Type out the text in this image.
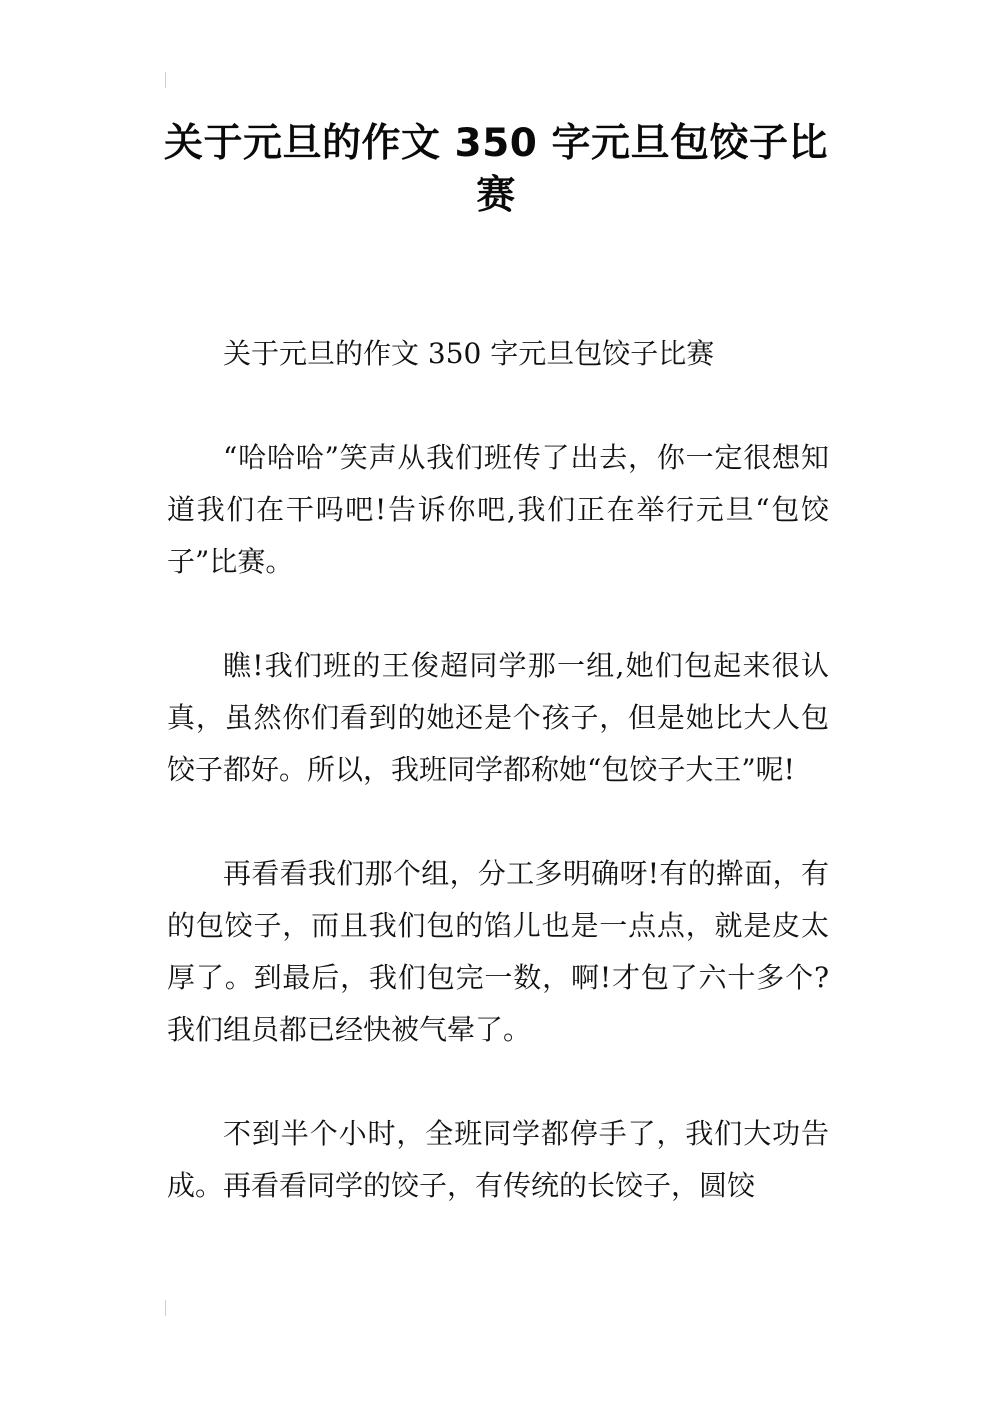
关于元旦的作文 350 字元旦包饺子比赛

关于元旦的作文 350 字元旦包饺子比赛

“哈哈哈”笑声从我们班传了出去，你一定很想知道我们在干吗吧!告诉你吧,我们正在举行元旦“包饺子”比赛。

瞧!我们班的王俊超同学那一组,她们包起来很认真，虽然你们看到的她还是个孩子，但是她比大人包饺子都好。所以，我班同学都称她“包饺子大王”呢!

再看看我们那个组，分工多明确呀!有的擀面，有的包饺子，而且我们包的馅儿也是一点点，就是皮太厚了。到最后，我们包完一数，啊!才包了六十多个?我们组员都已经快被气晕了。

不到半个小时，全班同学都停手了，我们大功告成。再看看同学的饺子，有传统的长饺子，圆饺
